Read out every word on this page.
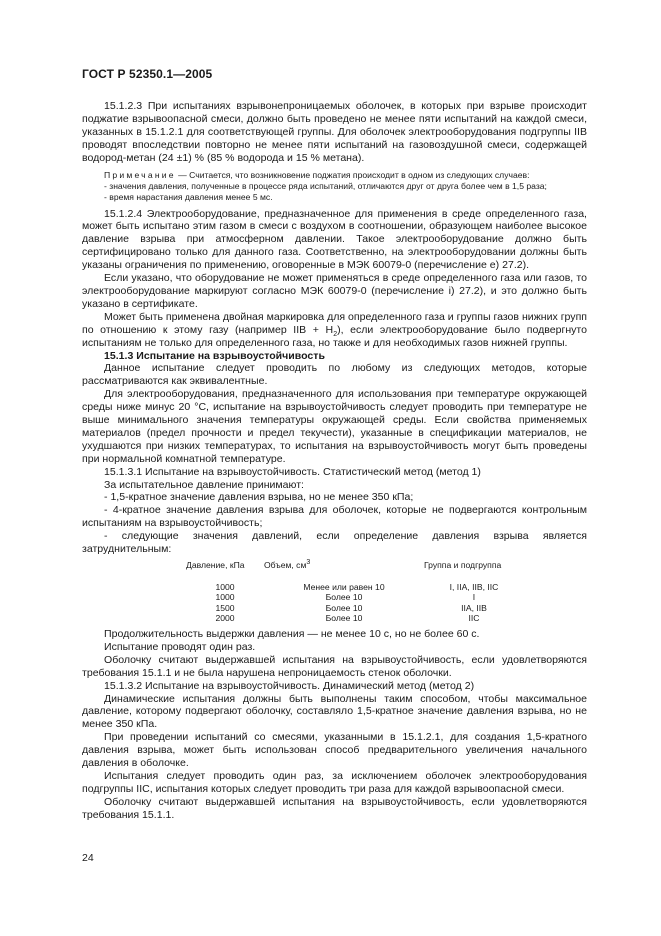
ГОСТ Р 52350.1—2005

15.1.2.3 При испытаниях взрывонепроницаемых оболочек, в которых при взрыве происходит поджатие взрывоопасной смеси, должно быть проведено не менее пяти испытаний на каждой смеси, указанных в 15.1.2.1 для соответствующей группы. Для оболочек электрооборудования подгруппы IIB проводят впоследствии повторно не менее пяти испытаний на газовоздушной смеси, содержащей водород-метан (24 ±1) % (85 % водорода и 15 % метана).

Примечание — Считается, что возникновение поджатия происходит в одном из следующих случаев:
- значения давления, полученные в процессе ряда испытаний, отличаются друг от друга более чем в 1,5 раза;
- время нарастания давления менее 5 мс.

15.1.2.4 Электрооборудование, предназначенное для применения в среде определенного газа, может быть испытано этим газом в смеси с воздухом в соотношении, образующем наиболее высокое давление взрыва при атмосферном давлении. Такое электрооборудование должно быть сертифицировано только для данного газа. Соответственно, на электрооборудовании должны быть указаны ограничения по применению, оговоренные в МЭК 60079-0 (перечисление е) 27.2).

Если указано, что оборудование не может применяться в среде определенного газа или газов, то электрооборудование маркируют согласно МЭК 60079-0 (перечисление i) 27.2), и это должно быть указано в сертификате.

Может быть применена двойная маркировка для определенного газа и группы газов нижних групп по отношению к этому газу (например IIB + $H_2$), если электрооборудование было подвергнуто испытаниям не только для определенного газа, но также и для необходимых газов нижней группы.

15.1.3 Испытание на взрывоустойчивость

Данное испытание следует проводить по любому из следующих методов, которые рассматриваются как эквивалентные.

Для электрооборудования, предназначенного для использования при температуре окружающей среды ниже минус 20 °С, испытание на взрывоустойчивость следует проводить при температуре не выше минимального значения температуры окружающей среды. Если свойства применяемых материалов (предел прочности и предел текучести), указанные в спецификации материалов, не ухудшаются при низких температурах, то испытания на взрывоустойчивость могут быть проведены при нормальной комнатной температуре.

15.1.3.1 Испытание на взрывоустойчивость. Статистический метод (метод 1)

За испытательное давление принимают:

- 1,5-кратное значение давления взрыва, но не менее 350 кПа;

- 4-кратное значение давления взрыва для оболочек, которые не подвергаются контрольным испытаниям на взрывоустойчивость;

- следующие значения давлений, если определение давления взрыва является затруднительным:

Давление, кПа	Объем, $см^3$	Группа и подгруппа
1000	Менее или равен 10	I, IIA, IIB, IIC
1000	Более 10	I
1500	Более 10	IIA, IIB
2000	Более 10	IIC

Продолжительность выдержки давления — не менее 10 с, но не более 60 с.

Испытание проводят один раз.

Оболочку считают выдержавшей испытания на взрывоустойчивость, если удовлетворяются требования 15.1.1 и не была нарушена непроницаемость стенок оболочки.

15.1.3.2 Испытание на взрывоустойчивость. Динамический метод (метод 2)

Динамические испытания должны быть выполнены таким способом, чтобы максимальное давление, которому подвергают оболочку, составляло 1,5-кратное значение давления взрыва, но не менее 350 кПа.

При проведении испытаний со смесями, указанными в 15.1.2.1, для создания 1,5-кратного давления взрыва, может быть использован способ предварительного увеличения начального давления в оболочке.

Испытания следует проводить один раз, за исключением оболочек электрооборудования подгруппы IIC, испытания которых следует проводить три раза для каждой взрывоопасной смеси.

Оболочку считают выдержавшей испытания на взрывоустойчивость, если удовлетворяются требования 15.1.1.

24
